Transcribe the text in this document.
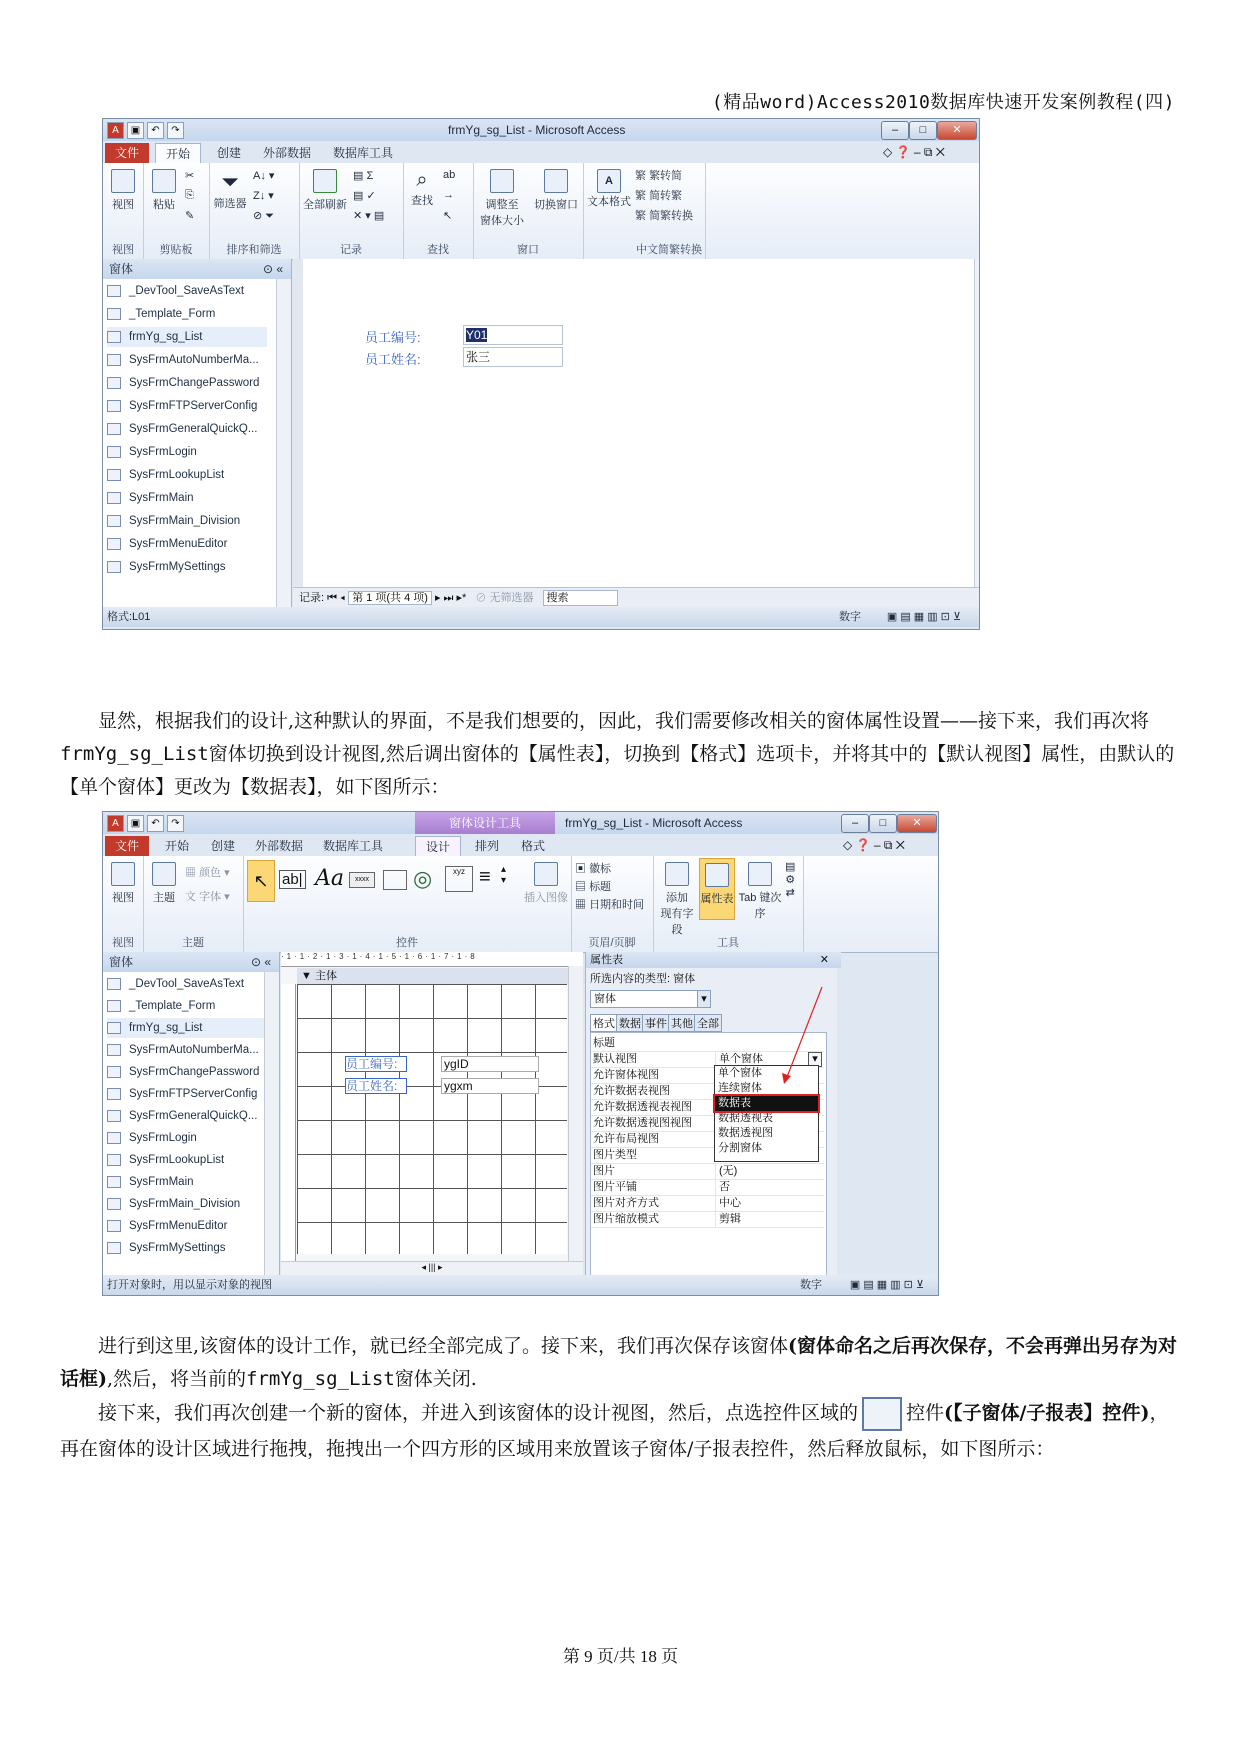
(精品word)Access2010数据库快速开发案例教程(四)
A	▣	↶	↷	frmYg_sg_List - Microsoft Access	–	□	✕
文件	开始	创建	外部数据	数据库工具	◇ ❓ – ⧉ ✕

视图
视图

粘贴
✂
⎘
✎
剪贴板
⏷
筛选器
A↓ ▾
Z↓ ▾
⊘ ⏷
排序和筛选

全部刷新
▤ Σ
▤ ✓
✕ ▾ ▤
记录
⌕
查找
ab
→
↖
查找

调整至
窗体大小

切换窗口
窗口
A
文本格式
繁 繁转简
繁 简转繁
繁 简繁转换
中文简繁转换
窗体	⊙ «
_DevTool_SaveAsText
_Template_Form
frmYg_sg_List
SysFrmAutoNumberMa...
SysFrmChangePassword
SysFrmFTPServerConfig
SysFrmGeneralQuickQ...
SysFrmLogin
SysFrmLookupList
SysFrmMain
SysFrmMain_Division
SysFrmMenuEditor
SysFrmMySettings
员工编号:	Y01
员工姓名:	张三
记录: ⏮ ◂ 第 1 项(共 4 项) ▸ ⏭ ▸* ⊘ 无筛选器 搜索
格式:L01	数字 ▣ ▤ ▦ ▥ ⊡ ⊻
显然，根据我们的设计,这种默认的界面，不是我们想要的，因此，我们需要修改相关的窗体属性设置——接下来，我们再次将frmYg_sg_List窗体切换到设计视图,然后调出窗体的【属性表】，切换到【格式】选项卡，并将其中的【默认视图】属性，由默认的【单个窗体】更改为【数据表】，如下图所示：
A	▣	↶	↷	窗体设计工具	frmYg_sg_List - Microsoft Access	–	□	✕
文件	开始	创建	外部数据	数据库工具	设计	排列	格式	◇ ❓ – ⧉ ✕

视图
视图

主题
▦ 颜色 ▾
文 字体 ▾
主题
↖ ab| Aa	xxxx ◎	xyz ≡ ▴
▾

插入图像
控件
▣ 徽标
▤ 标题
▦ 日期和时间
页眉/页脚

添加
现有字段

属性表 Tab 键次序
▤
⚙
⇄
工具
窗体	⊙ «
_DevTool_SaveAsText
_Template_Form
frmYg_sg_List
SysFrmAutoNumberMa...
SysFrmChangePassword
SysFrmFTPServerConfig
SysFrmGeneralQuickQ...
SysFrmLogin
SysFrmLookupList
SysFrmMain
SysFrmMain_Division
SysFrmMenuEditor
SysFrmMySettings
·1·1·2·1·3·1·4·1·5·1·6·1·7·1·8
▼ 主体
员工编号:	ygID
员工姓名:	ygxm
◂ ||| ▸
属性表	✕
所选内容的类型: 窗体
窗体	▾
格式 数据 事件 其他 全部
标题
默认视图	单个窗体	▾
允许窗体视图
允许数据表视图
允许数据透视表视图
允许数据透视图视图
允许布局视图
图片类型
图片	(无)
图片平铺	否
图片对齐方式	中心
图片缩放模式	剪辑
单个窗体
连续窗体
数据表
数据透视表
数据透视图
分割窗体
打开对象时，用以显示对象的视图	数字	▣ ▤ ▦ ▥ ⊡ ⊻
进行到这里,该窗体的设计工作，就已经全部完成了。接下来，我们再次保存该窗体(窗体命名之后再次保存，不会再弹出另存为对话框),然后，将当前的frmYg_sg_List窗体关闭.
接下来，我们再次创建一个新的窗体，并进入到该窗体的设计视图，然后，点选控件区域的	控件(【子窗体/子报表】控件)，再在窗体的设计区域进行拖拽，拖拽出一个四方形的区域用来放置该子窗体/子报表控件，然后释放鼠标，如下图所示：
第 9 页/共 18 页
